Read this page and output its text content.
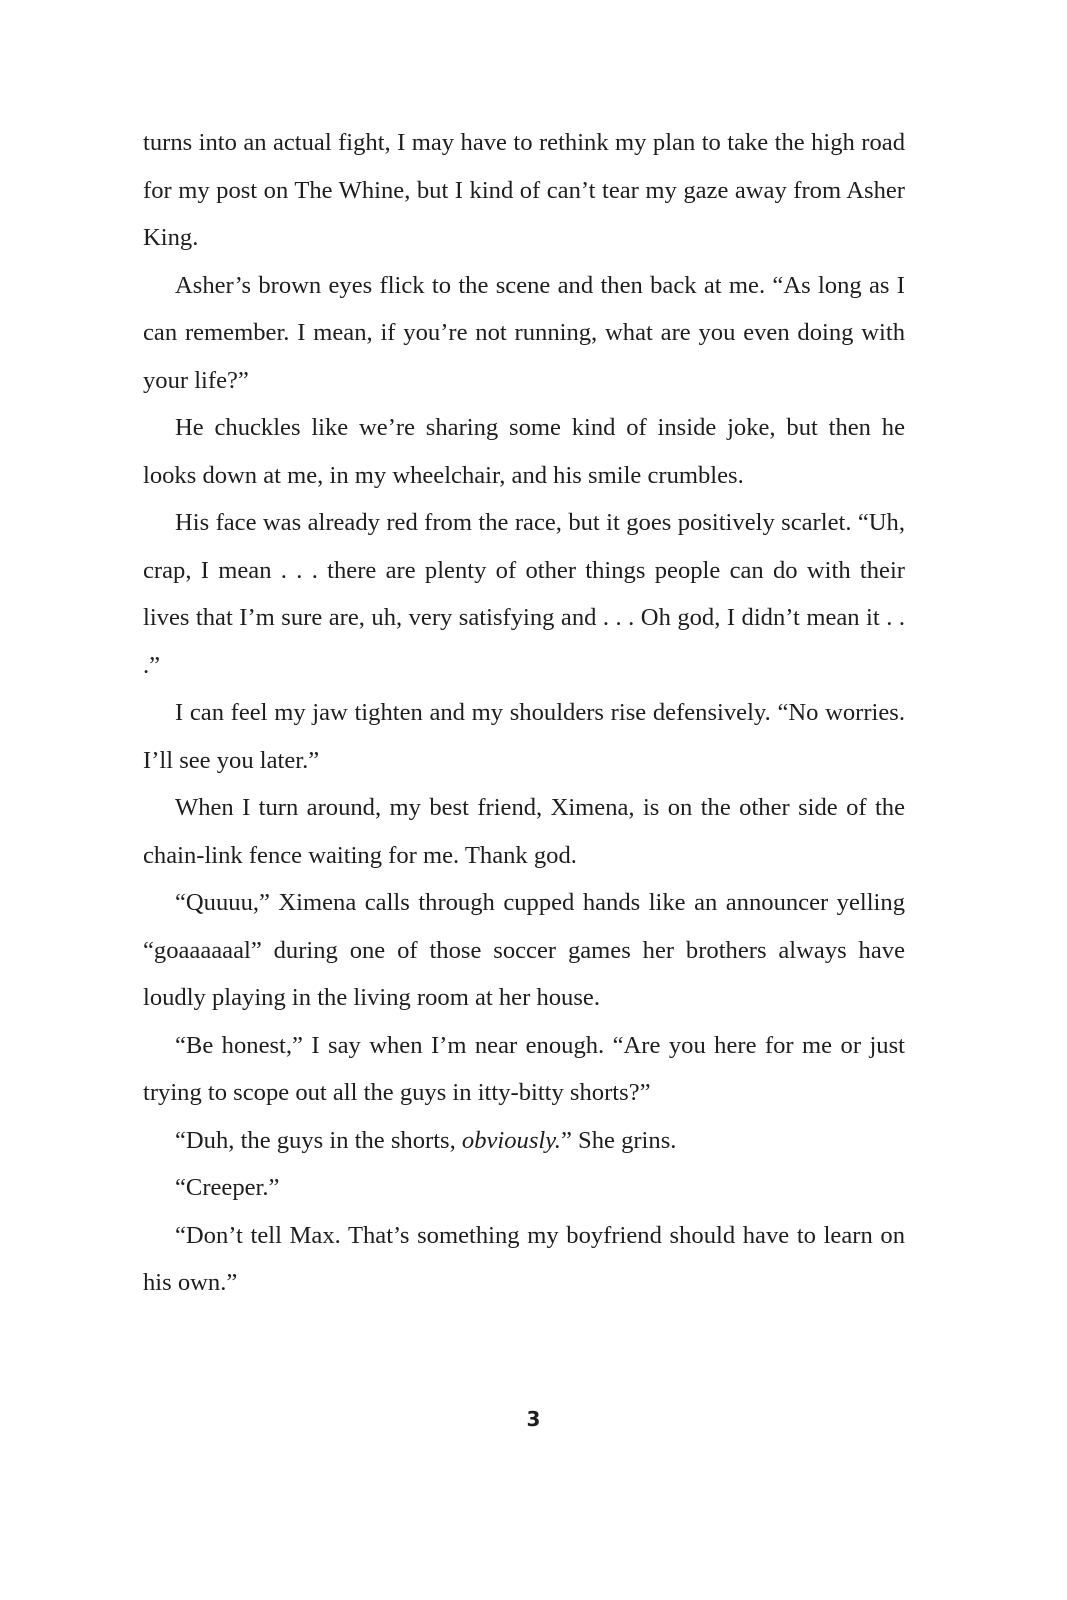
turns into an actual fight, I may have to rethink my plan to take the high road for my post on The Whine, but I kind of can’t tear my gaze away from Asher King.

Asher’s brown eyes flick to the scene and then back at me. “As long as I can remember. I mean, if you’re not running, what are you even doing with your life?”

He chuckles like we’re sharing some kind of inside joke, but then he looks down at me, in my wheelchair, and his smile crumbles.

His face was already red from the race, but it goes positively scarlet. “Uh, crap, I mean . . . there are plenty of other things people can do with their lives that I’m sure are, uh, very satisfying and . . . Oh god, I didn’t mean it . . .”

I can feel my jaw tighten and my shoulders rise defensively. “No worries. I’ll see you later.”

When I turn around, my best friend, Ximena, is on the other side of the chain-link fence waiting for me. Thank god.

“Quuuu,” Ximena calls through cupped hands like an announcer yelling “goaaaaaal” during one of those soccer games her brothers always have loudly playing in the living room at her house.

“Be honest,” I say when I’m near enough. “Are you here for me or just trying to scope out all the guys in itty-bitty shorts?”

“Duh, the guys in the shorts, obviously.” She grins.

“Creeper.”

“Don’t tell Max. That’s something my boyfriend should have to learn on his own.”

3
